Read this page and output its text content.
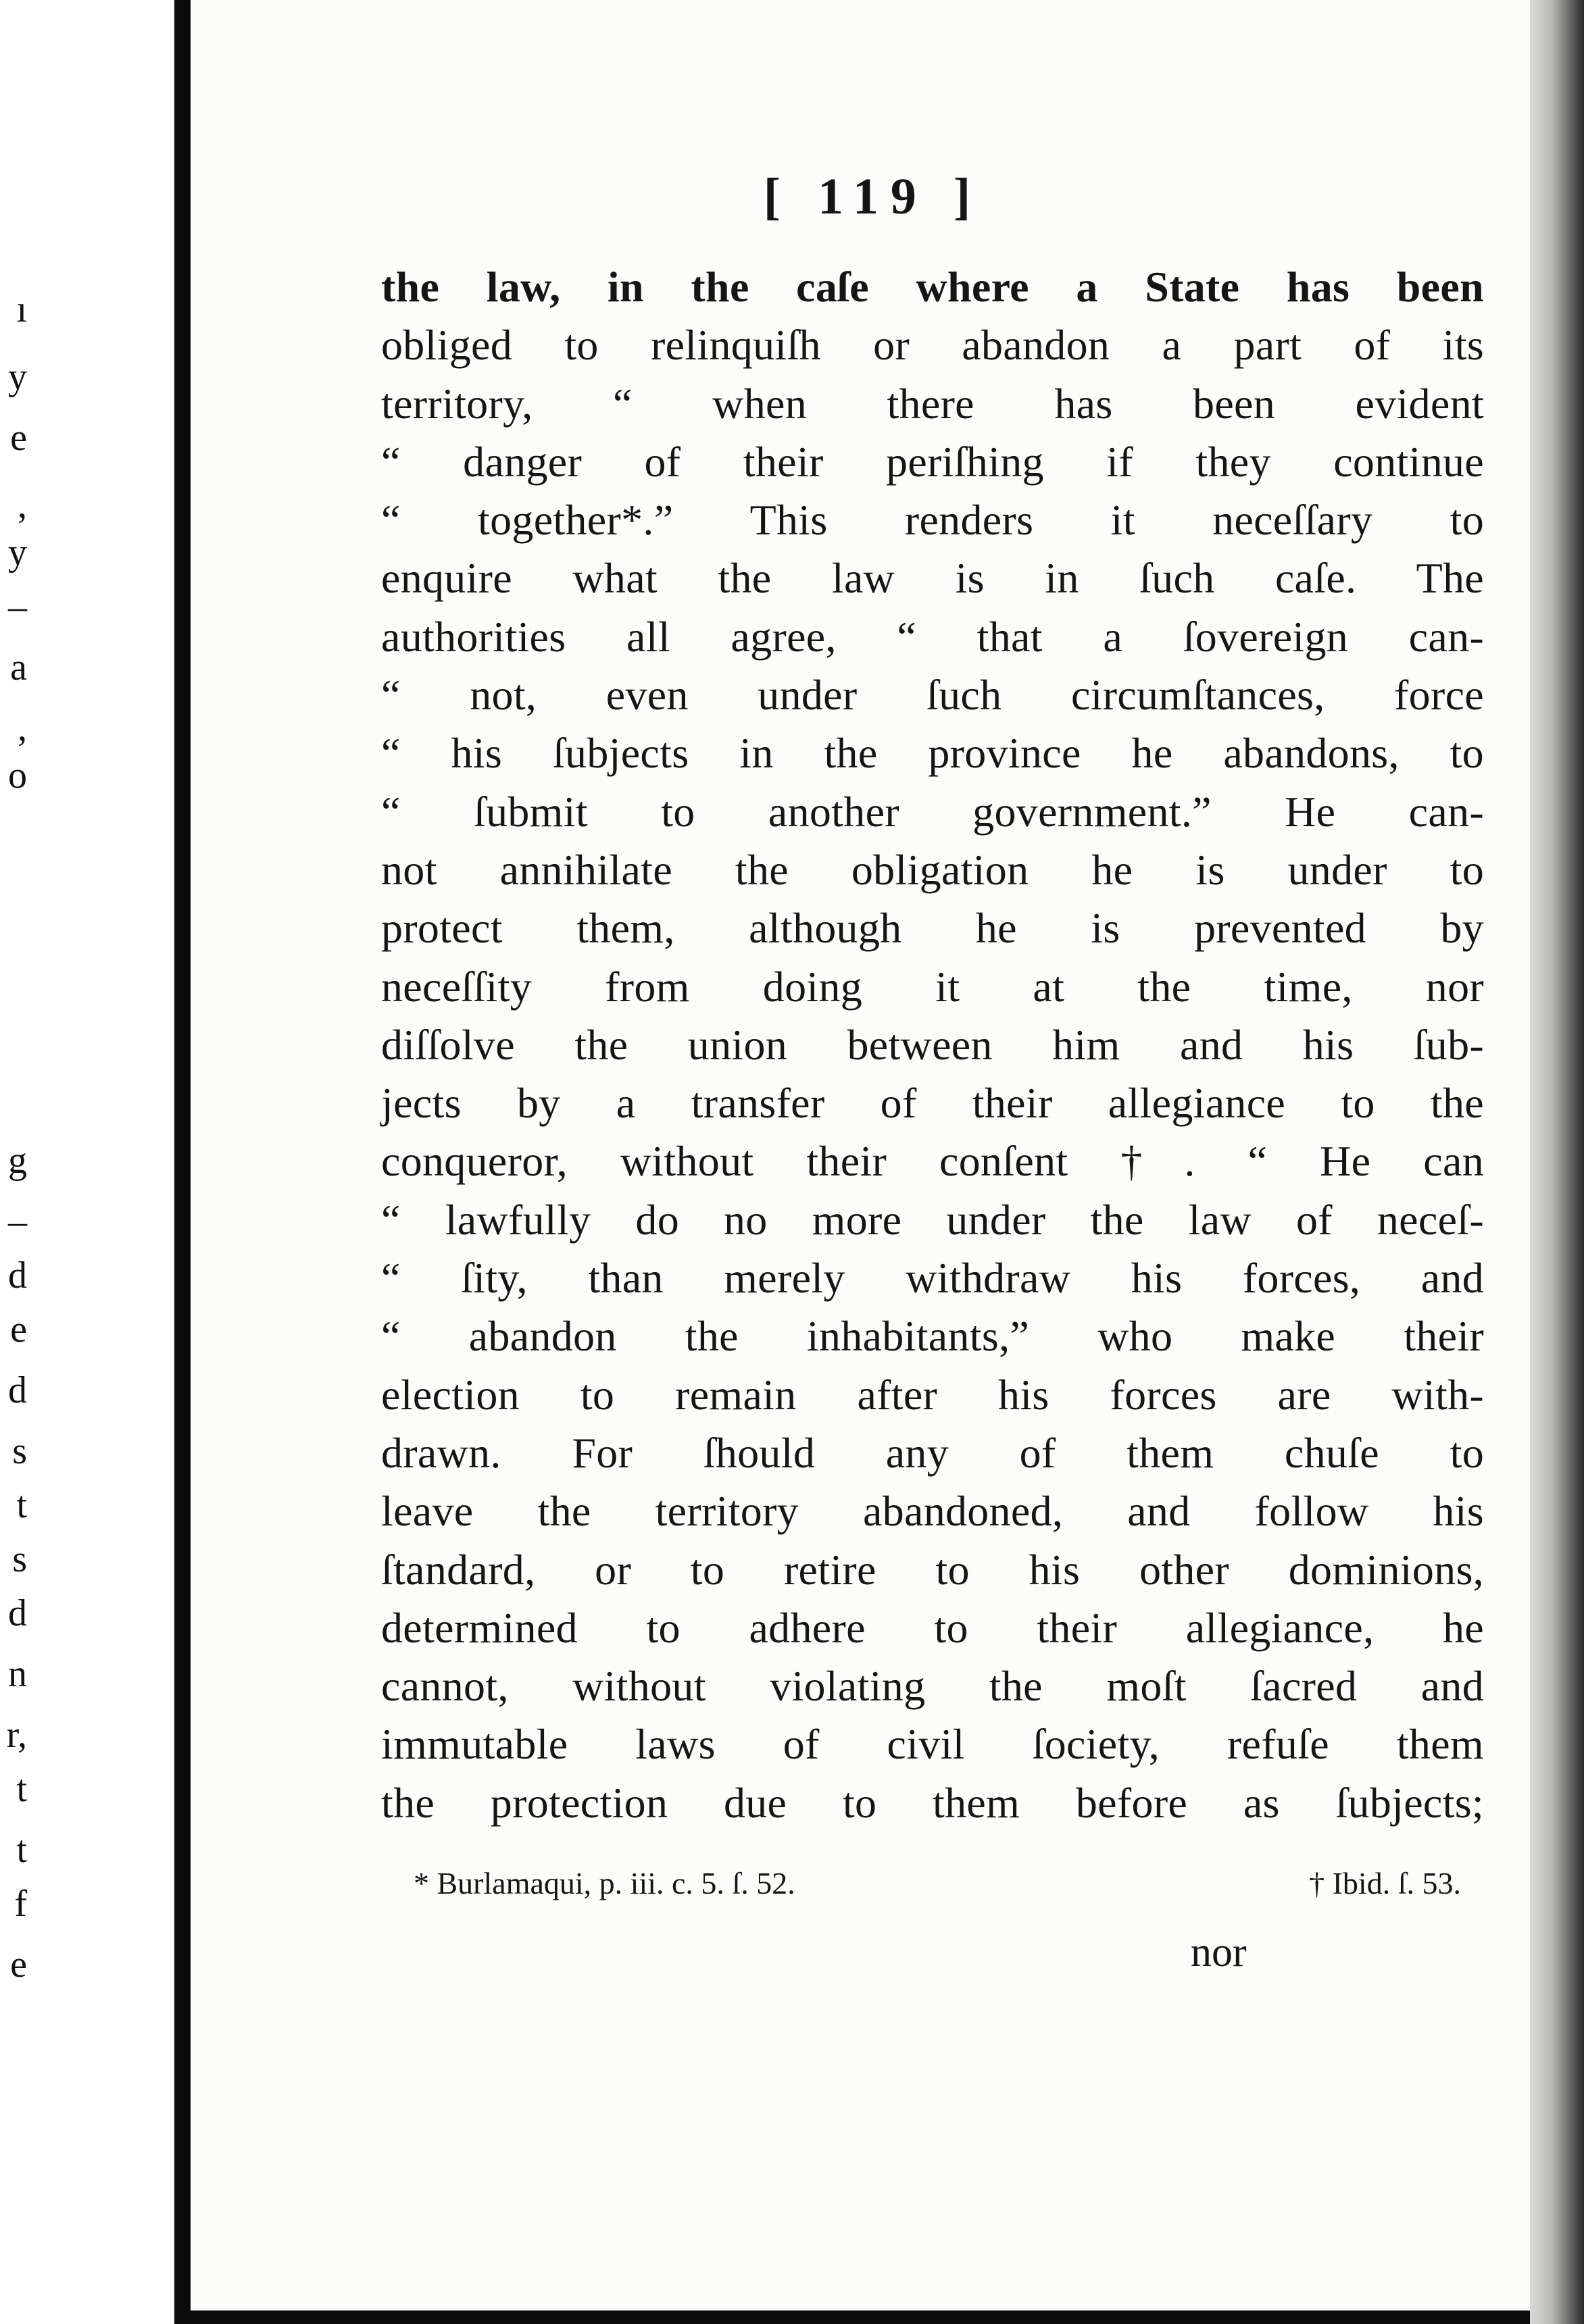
ı
y
e
,
y
–
a
,
o
g
–
d
e
d
s
t
s
d
n
r,
t
t
f
e
[ 119 ]
the law, in the caſe where a State has been
obliged to relinquiſh or abandon a part of its
territory, “ when there has been evident
“ danger of their periſhing if they continue
“ together*.” This renders it neceſſary to
enquire what the law is in ſuch caſe. The
authorities all agree, “ that a ſovereign can-
“ not, even under ſuch circumſtances, force
“ his ſubjects in the province he abandons, to
“ ſubmit to another government.” He can-
not annihilate the obligation he is under to
protect them, although he is prevented by
neceſſity from doing it at the time, nor
diſſolve the union between him and his ſub-
jects by a transfer of their allegiance to the
conqueror, without their conſent †. “ He can
“ lawfully do no more under the law of neceſ-
“ ſity, than merely withdraw his forces, and
“ abandon the inhabitants,” who make their
election to remain after his forces are with-
drawn. For ſhould any of them chuſe to
leave the territory abandoned, and follow his
ſtandard, or to retire to his other dominions,
determined to adhere to their allegiance, he
cannot, without violating the moſt ſacred and
immutable laws of civil ſociety, refuſe them
the protection due to them before as ſubjects;
* Burlamaqui, p. iii. c. 5. ſ. 52.	† Ibid. ſ. 53.
nor
